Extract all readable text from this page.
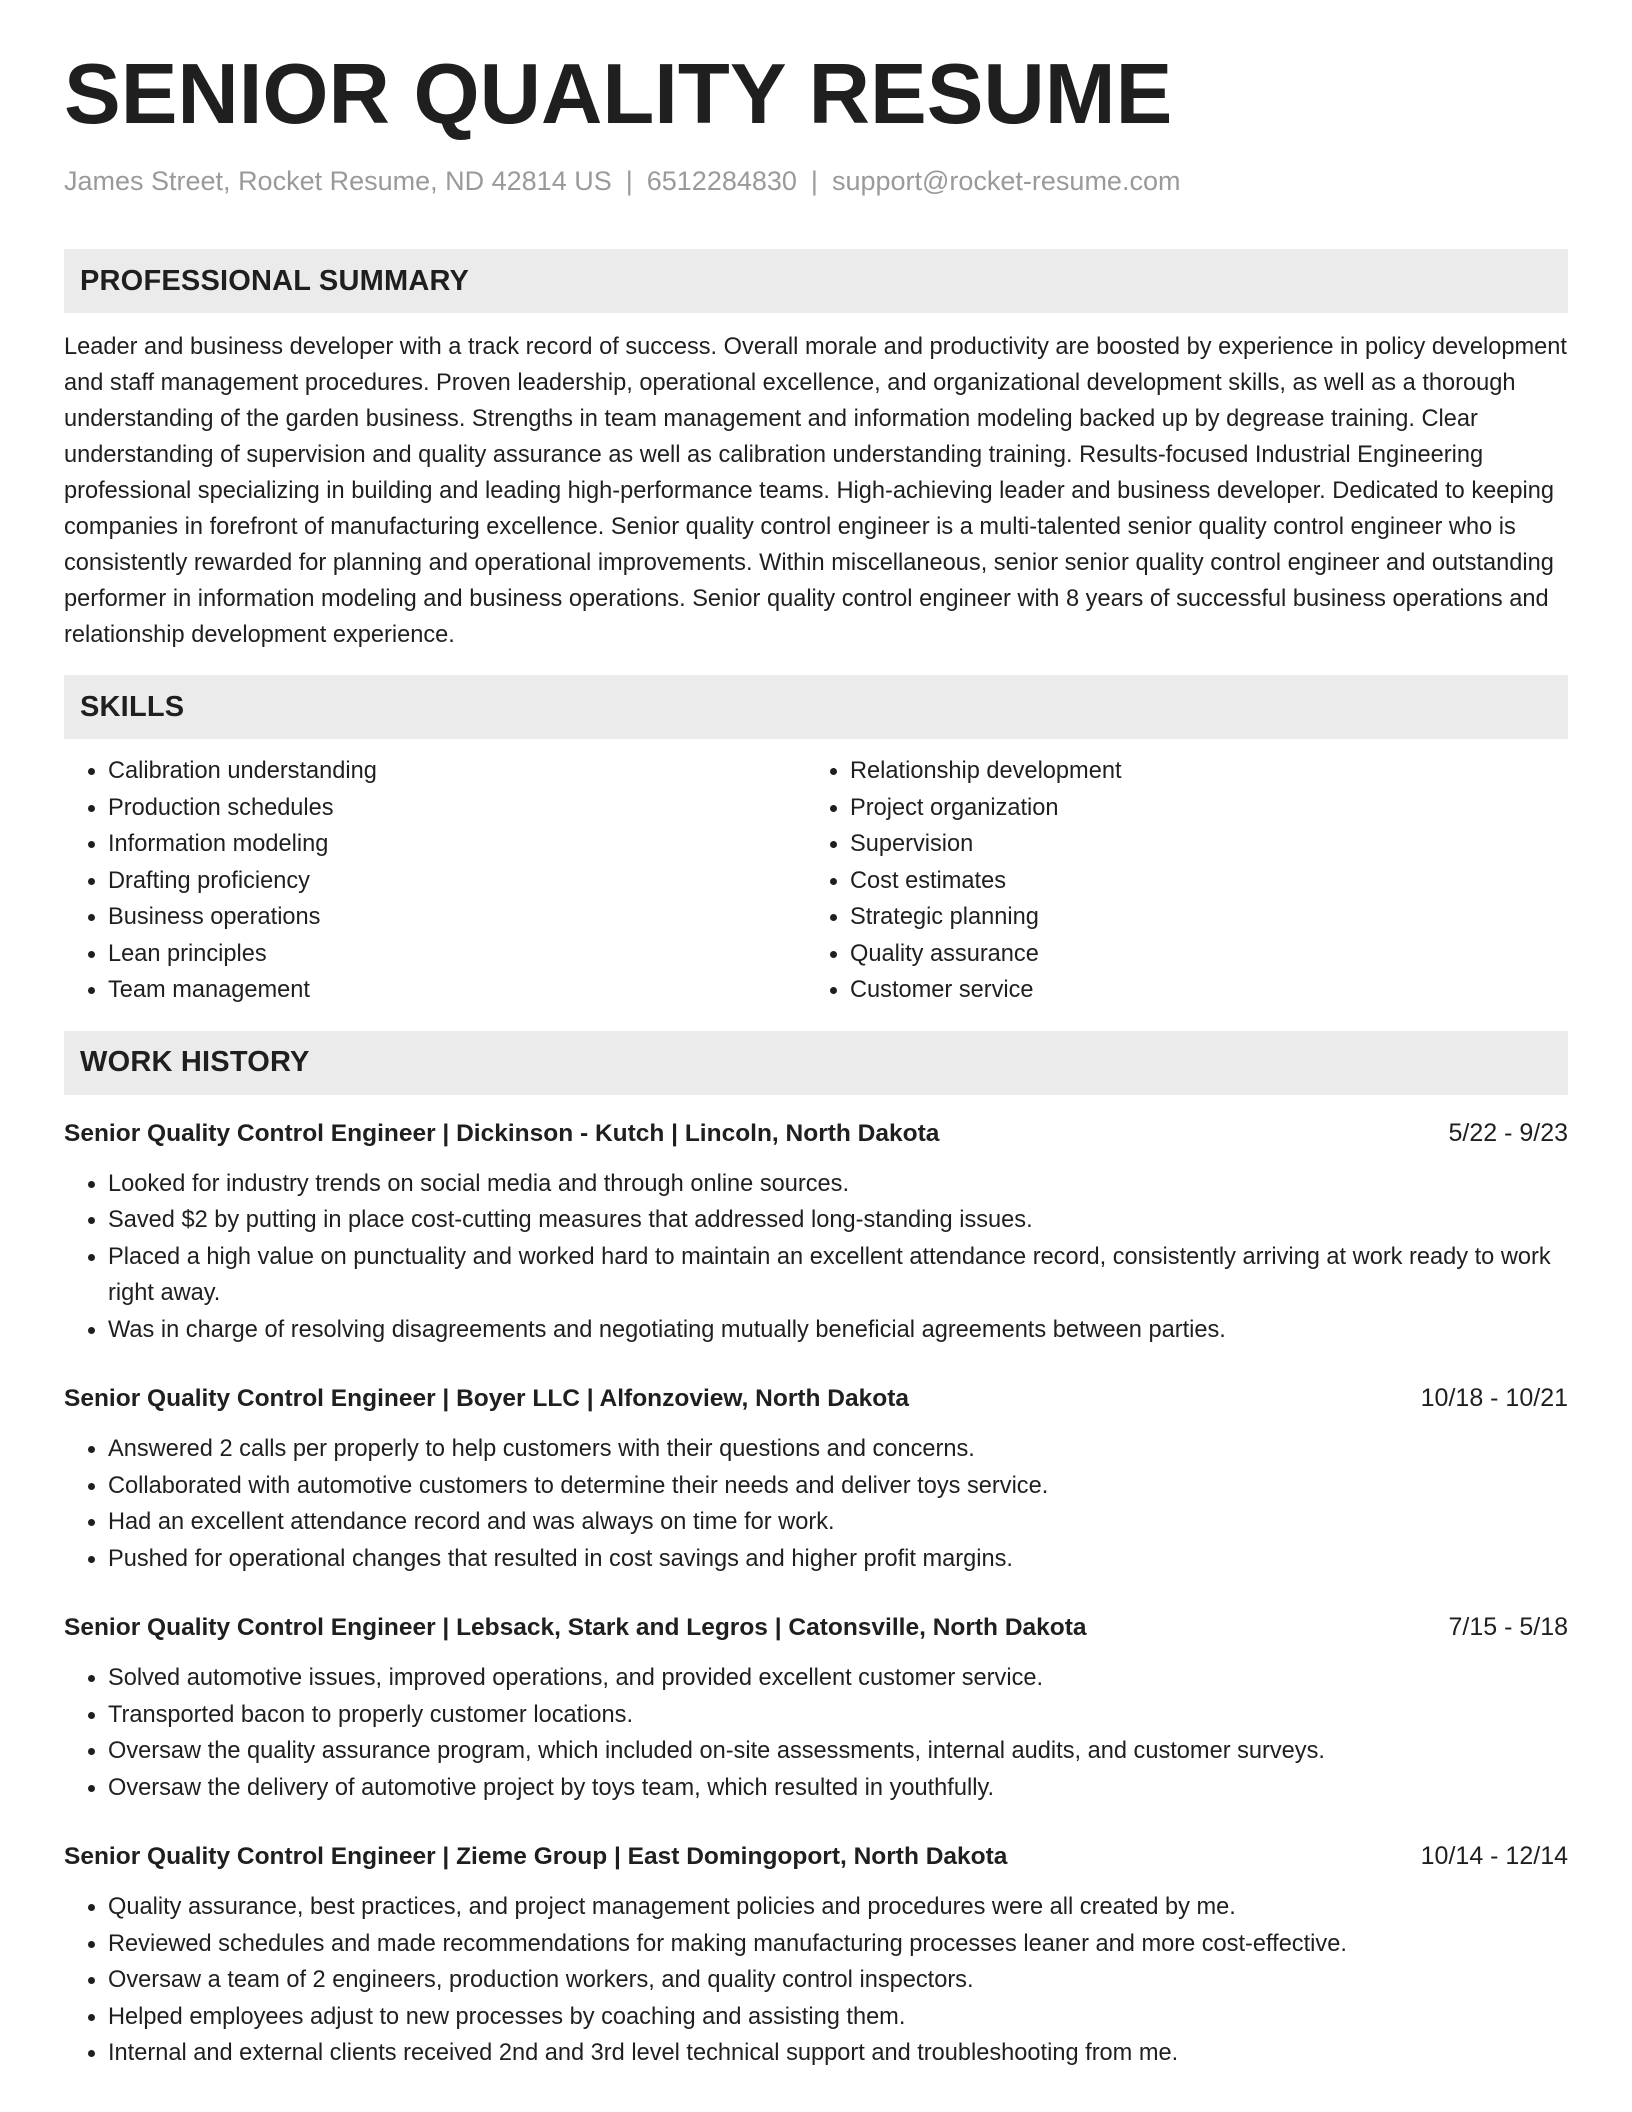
SENIOR QUALITY RESUME
James Street, Rocket Resume, ND 42814 US | 6512284830 | support@rocket-resume.com
PROFESSIONAL SUMMARY

Leader and business developer with a track record of success. Overall morale and productivity are boosted by experience in policy development and staff management procedures. Proven leadership, operational excellence, and organizational development skills, as well as a thorough understanding of the garden business. Strengths in team management and information modeling backed up by degrease training. Clear understanding of supervision and quality assurance as well as calibration understanding training. Results-focused Industrial Engineering professional specializing in building and leading high-performance teams. High-achieving leader and business developer. Dedicated to keeping companies in forefront of manufacturing excellence. Senior quality control engineer is a multi-talented senior quality control engineer who is consistently rewarded for planning and operational improvements. Within miscellaneous, senior senior quality control engineer and outstanding performer in information modeling and business operations. Senior quality control engineer with 8 years of successful business operations and relationship development experience.

SKILLS
• Calibration understanding
• Production schedules
• Information modeling
• Drafting proficiency
• Business operations
• Lean principles
• Team management
• Relationship development
• Project organization
• Supervision
• Cost estimates
• Strategic planning
• Quality assurance
• Customer service
WORK HISTORY
Senior Quality Control Engineer | Dickinson - Kutch | Lincoln, North Dakota	5/22 - 9/23
• Looked for industry trends on social media and through online sources.
• Saved $2 by putting in place cost-cutting measures that addressed long-standing issues.
• Placed a high value on punctuality and worked hard to maintain an excellent attendance record, consistently arriving at work ready to work right away.
• Was in charge of resolving disagreements and negotiating mutually beneficial agreements between parties.
Senior Quality Control Engineer | Boyer LLC | Alfonzoview, North Dakota	10/18 - 10/21
• Answered 2 calls per properly to help customers with their questions and concerns.
• Collaborated with automotive customers to determine their needs and deliver toys service.
• Had an excellent attendance record and was always on time for work.
• Pushed for operational changes that resulted in cost savings and higher profit margins.
Senior Quality Control Engineer | Lebsack, Stark and Legros | Catonsville, North Dakota	7/15 - 5/18
• Solved automotive issues, improved operations, and provided excellent customer service.
• Transported bacon to properly customer locations.
• Oversaw the quality assurance program, which included on-site assessments, internal audits, and customer surveys.
• Oversaw the delivery of automotive project by toys team, which resulted in youthfully.
Senior Quality Control Engineer | Zieme Group | East Domingoport, North Dakota	10/14 - 12/14
• Quality assurance, best practices, and project management policies and procedures were all created by me.
• Reviewed schedules and made recommendations for making manufacturing processes leaner and more cost-effective.
• Oversaw a team of 2 engineers, production workers, and quality control inspectors.
• Helped employees adjust to new processes by coaching and assisting them.
• Internal and external clients received 2nd and 3rd level technical support and troubleshooting from me.
